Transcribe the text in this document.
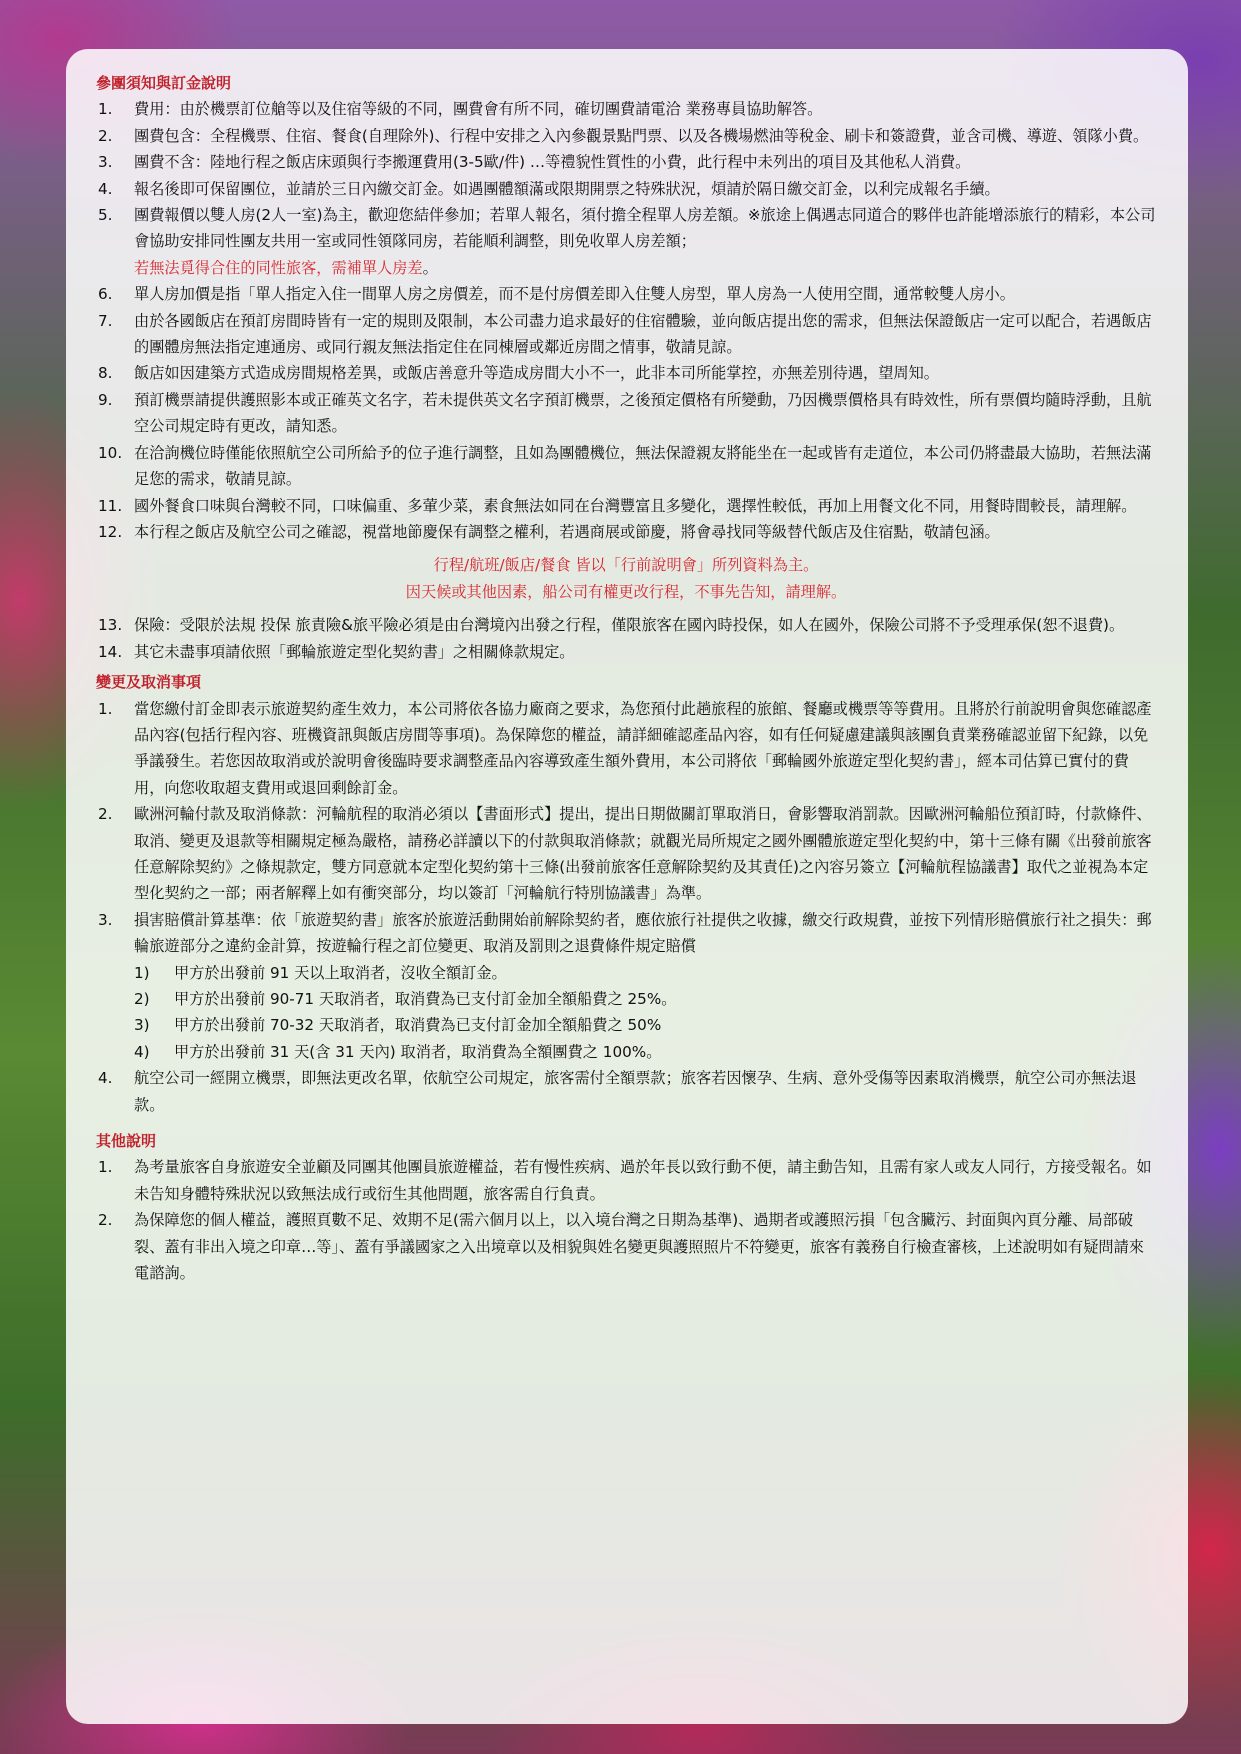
參團須知與訂金說明
1. 費用：由於機票訂位艙等以及住宿等級的不同，團費會有所不同，確切團費請電洽 業務專員協助解答。
2. 團費包含：全程機票、住宿、餐食(自理除外)、行程中安排之入內參觀景點門票、以及各機場燃油等稅金、刷卡和簽證費，並含司機、導遊、領隊小費。
3. 團費不含：陸地行程之飯店床頭與行李搬運費用(3-5歐/件) …等禮貌性質性的小費，此行程中未列出的項目及其他私人消費。
4. 報名後即可保留團位，並請於三日內繳交訂金。如遇團體額滿或限期開票之特殊狀況，煩請於隔日繳交訂金，以利完成報名手續。
5. 團費報價以雙人房(2人一室)為主，歡迎您結伴參加；若單人報名，須付擔全程單人房差額。※旅途上偶遇志同道合的夥伴也許能增添旅行的精彩，本公司會協助安排同性團友共用一室或同性領隊同房，若能順利調整，則免收單人房差額；
若無法覓得合住的同性旅客，需補單人房差。
6. 單人房加價是指「單人指定入住一間單人房之房價差，而不是付房價差即入住雙人房型，單人房為一人使用空間，通常較雙人房小。
7. 由於各國飯店在預訂房間時皆有一定的規則及限制，本公司盡力追求最好的住宿體驗，並向飯店提出您的需求，但無法保證飯店一定可以配合，若遇飯店的團體房無法指定連通房、或同行親友無法指定住在同棟層或鄰近房間之情事，敬請見諒。
8. 飯店如因建築方式造成房間規格差異，或飯店善意升等造成房間大小不一，此非本司所能掌控，亦無差別待遇，望周知。
9. 預訂機票請提供護照影本或正確英文名字，若未提供英文名字預訂機票，之後預定價格有所變動，乃因機票價格具有時效性，所有票價均隨時浮動，且航空公司規定時有更改，請知悉。
10. 在洽詢機位時僅能依照航空公司所給予的位子進行調整，且如為團體機位，無法保證親友將能坐在一起或皆有走道位，本公司仍將盡最大協助，若無法滿足您的需求，敬請見諒。
11. 國外餐食口味與台灣較不同，口味偏重、多葷少菜，素食無法如同在台灣豐富且多變化，選擇性較低，再加上用餐文化不同，用餐時間較長，請理解。
12. 本行程之飯店及航空公司之確認，視當地節慶保有調整之權利，若遇商展或節慶，將會尋找同等級替代飯店及住宿點，敬請包涵。
行程/航班/飯店/餐食 皆以「行前說明會」所列資料為主。
因天候或其他因素，船公司有權更改行程，不事先告知，請理解。
13. 保險：受限於法規 投保 旅責險&旅平險必須是由台灣境內出發之行程，僅限旅客在國內時投保，如人在國外，保險公司將不予受理承保(恕不退費)。
14. 其它未盡事項請依照「郵輪旅遊定型化契約書」之相關條款規定。
變更及取消事項
1. 當您繳付訂金即表示旅遊契約產生效力，本公司將依各協力廠商之要求，為您預付此趟旅程的旅館、餐廳或機票等等費用。且將於行前說明會與您確認產品內容(包括行程內容、班機資訊與飯店房間等事項)。為保障您的權益，請詳細確認產品內容，如有任何疑慮建議與該團負責業務確認並留下紀錄，以免爭議發生。若您因故取消或於說明會後臨時要求調整產品內容導致產生額外費用，本公司將依「郵輪國外旅遊定型化契約書」，經本司估算已實付的費用，向您收取超支費用或退回剩餘訂金。
2. 歐洲河輪付款及取消條款：河輪航程的取消必須以【書面形式】提出，提出日期做關訂單取消日，會影響取消罰款。因歐洲河輪船位預訂時，付款條件、取消、變更及退款等相關規定極為嚴格，請務必詳讀以下的付款與取消條款；就觀光局所規定之國外團體旅遊定型化契約中，第十三條有關《出發前旅客任意解除契約》之條規款定，雙方同意就本定型化契約第十三條(出發前旅客任意解除契約及其責任)之內容另簽立【河輪航程協議書】取代之並視為本定型化契約之一部；兩者解釋上如有衝突部分，均以簽訂「河輪航行特別協議書」為準。
3. 損害賠償計算基準：依「旅遊契約書」旅客於旅遊活動開始前解除契約者，應依旅行社提供之收據，繳交行政規費，並按下列情形賠償旅行社之損失：郵輪旅遊部分之違約金計算，按遊輪行程之訂位變更、取消及罰則之退費條件規定賠償
1) 甲方於出發前 91 天以上取消者，沒收全額訂金。
2) 甲方於出發前 90-71 天取消者，取消費為已支付訂金加全額船費之 25%。
3) 甲方於出發前 70-32 天取消者，取消費為已支付訂金加全額船費之 50%
4) 甲方於出發前 31 天(含 31 天內) 取消者，取消費為全額團費之 100%。
4. 航空公司一經開立機票，即無法更改名單，依航空公司規定，旅客需付全額票款；旅客若因懷孕、生病、意外受傷等因素取消機票，航空公司亦無法退款。
其他說明
1. 為考量旅客自身旅遊安全並顧及同團其他團員旅遊權益，若有慢性疾病、過於年長以致行動不便，請主動告知，且需有家人或友人同行，方接受報名。如未告知身體特殊狀況以致無法成行或衍生其他問題，旅客需自行負責。
2. 為保障您的個人權益，護照頁數不足、效期不足(需六個月以上，以入境台灣之日期為基準)、過期者或護照污損「包含臟污、封面與內頁分離、局部破裂、蓋有非出入境之印章…等」、蓋有爭議國家之入出境章以及相貌與姓名變更與護照照片不符變更，旅客有義務自行檢查審核，上述說明如有疑問請來電諮詢。
